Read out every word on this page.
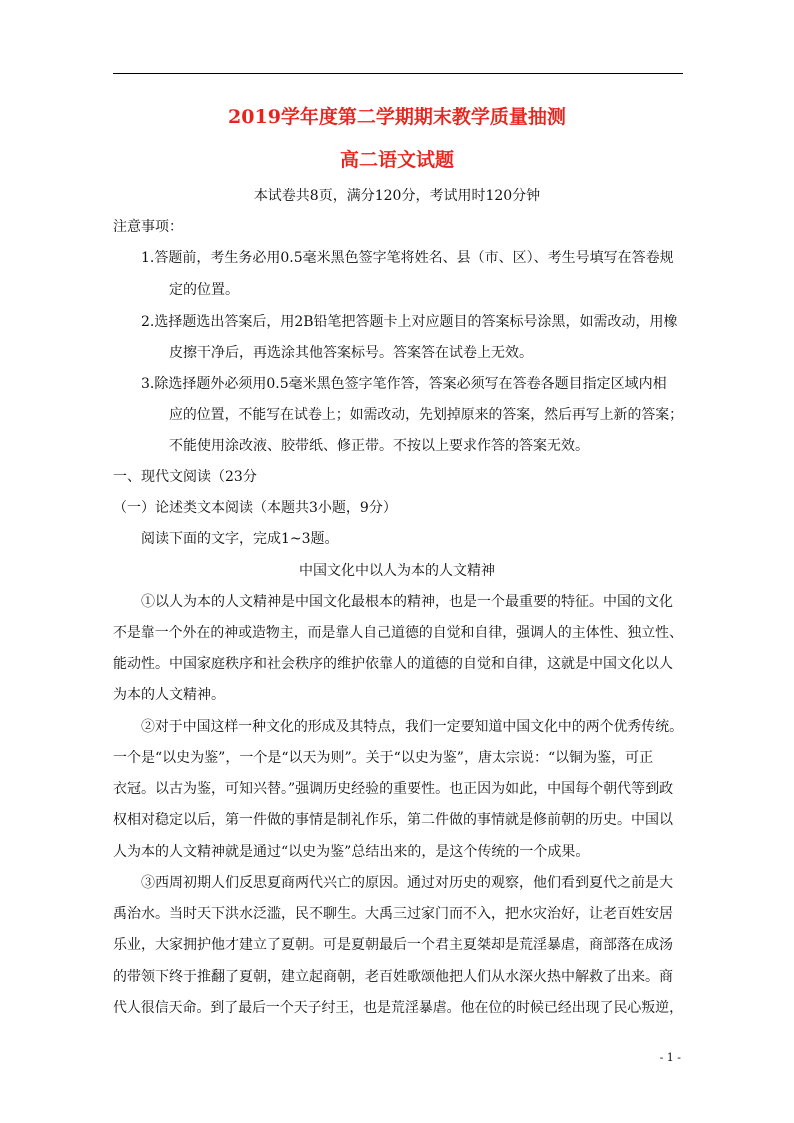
2019学年度第二学期期末教学质量抽测
高二语文试题
本试卷共8页，满分120分，考试用时120分钟
注意事项：
1.答题前，考生务必用0.5毫米黑色签字笔将姓名、县（市、区）、考生号填写在答卷规
定的位置。
2.选择题选出答案后，用2B铅笔把答题卡上对应题目的答案标号涂黑，如需改动，用橡
皮擦干净后，再选涂其他答案标号。答案答在试卷上无效。
3.除选择题外必须用0.5毫米黑色签字笔作答，答案必须写在答卷各题目指定区域内相
应的位置，不能写在试卷上；如需改动，先划掉原来的答案，然后再写上新的答案；
不能使用涂改液、胶带纸、修正带。不按以上要求作答的答案无效。
一、现代文阅读（23分
（一）论述类文本阅读（本题共3小题，9分）
阅读下面的文字，完成1~3题。
中国文化中以人为本的人文精神
①以人为本的人文精神是中国文化最根本的精神，也是一个最重要的特征。中国的文化
不是靠一个外在的神或造物主，而是靠人自己道德的自觉和自律，强调人的主体性、独立性、
能动性。中国家庭秩序和社会秩序的维护依靠人的道德的自觉和自律，这就是中国文化以人
为本的人文精神。
②对于中国这样一种文化的形成及其特点，我们一定要知道中国文化中的两个优秀传统。
一个是“以史为鉴”，一个是“以天为则”。关于“以史为鉴”，唐太宗说：“以铜为鉴，可正
衣冠。以古为鉴，可知兴替。”强调历史经验的重要性。也正因为如此，中国每个朝代等到政
权相对稳定以后，第一件做的事情是制礼作乐，第二件做的事情就是修前朝的历史。中国以
人为本的人文精神就是通过“以史为鉴”总结出来的，是这个传统的一个成果。
③西周初期人们反思夏商两代兴亡的原因。通过对历史的观察，他们看到夏代之前是大
禹治水。当时天下洪水泛滥，民不聊生。大禹三过家门而不入，把水灾治好，让老百姓安居
乐业，大家拥护他才建立了夏朝。可是夏朝最后一个君主夏桀却是荒淫暴虐，商部落在成汤
的带领下终于推翻了夏朝，建立起商朝，老百姓歌颂他把人们从水深火热中解救了出来。商
代人很信天命。到了最后一个天子纣王，也是荒淫暴虐。他在位的时候已经出现了民心叛逆，
- 1 -
